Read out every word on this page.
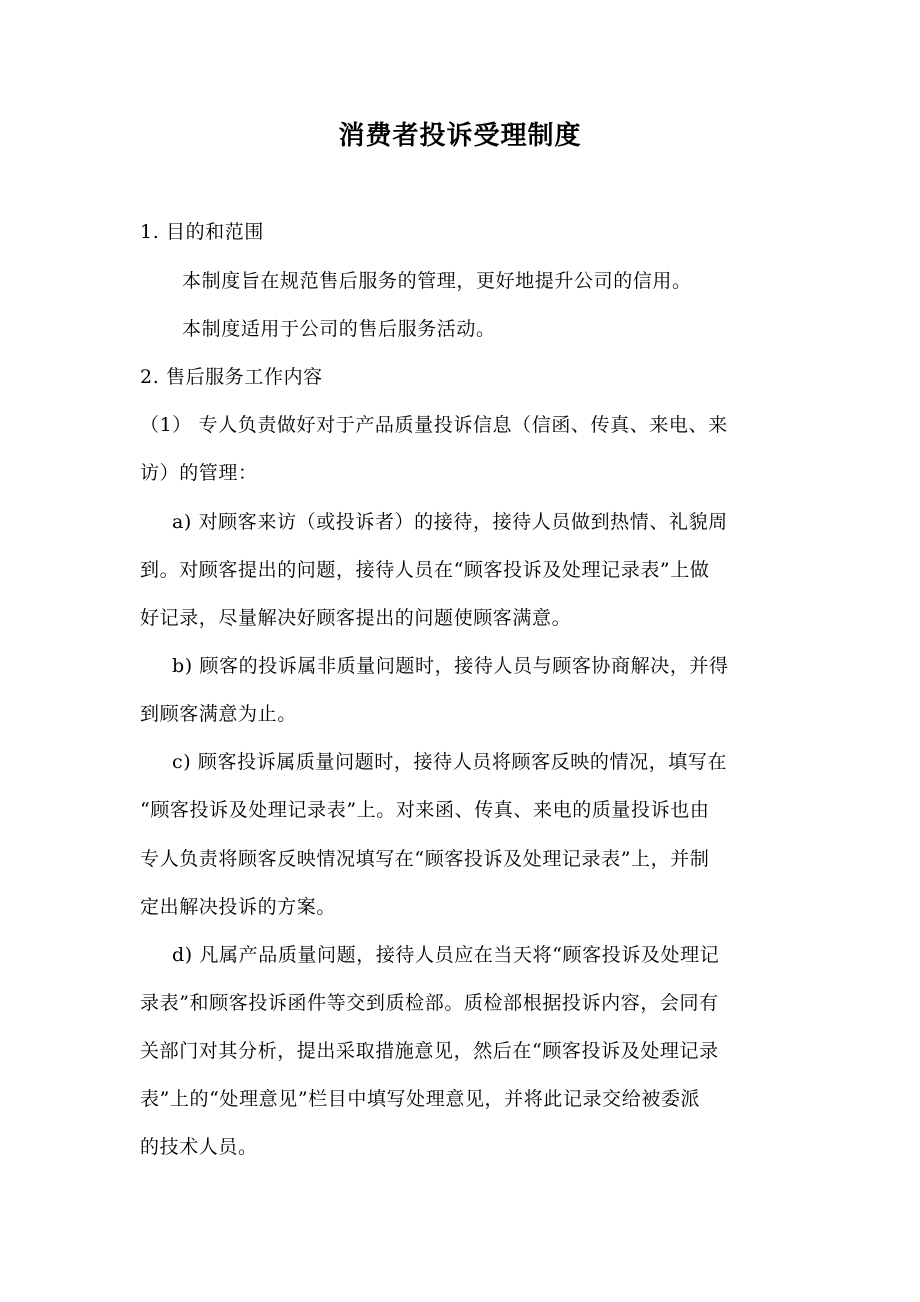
消费者投诉受理制度
1. 目的和范围
本制度旨在规范售后服务的管理，更好地提升公司的信用。
本制度适用于公司的售后服务活动。
2. 售后服务工作内容
（1） 专人负责做好对于产品质量投诉信息（信函、传真、来电、来
访）的管理：
a) 对顾客来访（或投诉者）的接待，接待人员做到热情、礼貌周
到。对顾客提出的问题，接待人员在“顾客投诉及处理记录表”上做
好记录，尽量解决好顾客提出的问题使顾客满意。
b) 顾客的投诉属非质量问题时，接待人员与顾客协商解决，并得
到顾客满意为止。
c) 顾客投诉属质量问题时，接待人员将顾客反映的情况，填写在
“顾客投诉及处理记录表”上。对来函、传真、来电的质量投诉也由
专人负责将顾客反映情况填写在“顾客投诉及处理记录表”上，并制
定出解决投诉的方案。
d) 凡属产品质量问题，接待人员应在当天将“顾客投诉及处理记
录表”和顾客投诉函件等交到质检部。质检部根据投诉内容，会同有
关部门对其分析，提出采取措施意见，然后在“顾客投诉及处理记录
表”上的“处理意见”栏目中填写处理意见，并将此记录交给被委派
的技术人员。
